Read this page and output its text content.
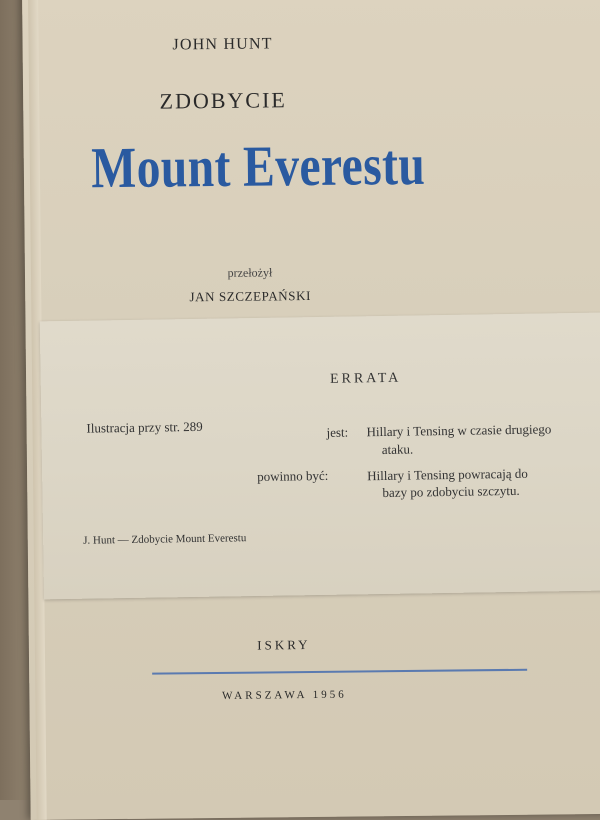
JOHN HUNT
ZDOBYCIE
Mount Everestu
przełożył
JAN SZCZEPAŃSKI
ERRATA
Ilustracja przy str. 289	jest: Hillary i Tensing w czasie drugiego
ataku.
powinno być:	Hillary i Tensing powracają do
bazy po zdobyciu szczytu.
J. Hunt — Zdobycie Mount Everestu
ISKRY
WARSZAWA 1956
